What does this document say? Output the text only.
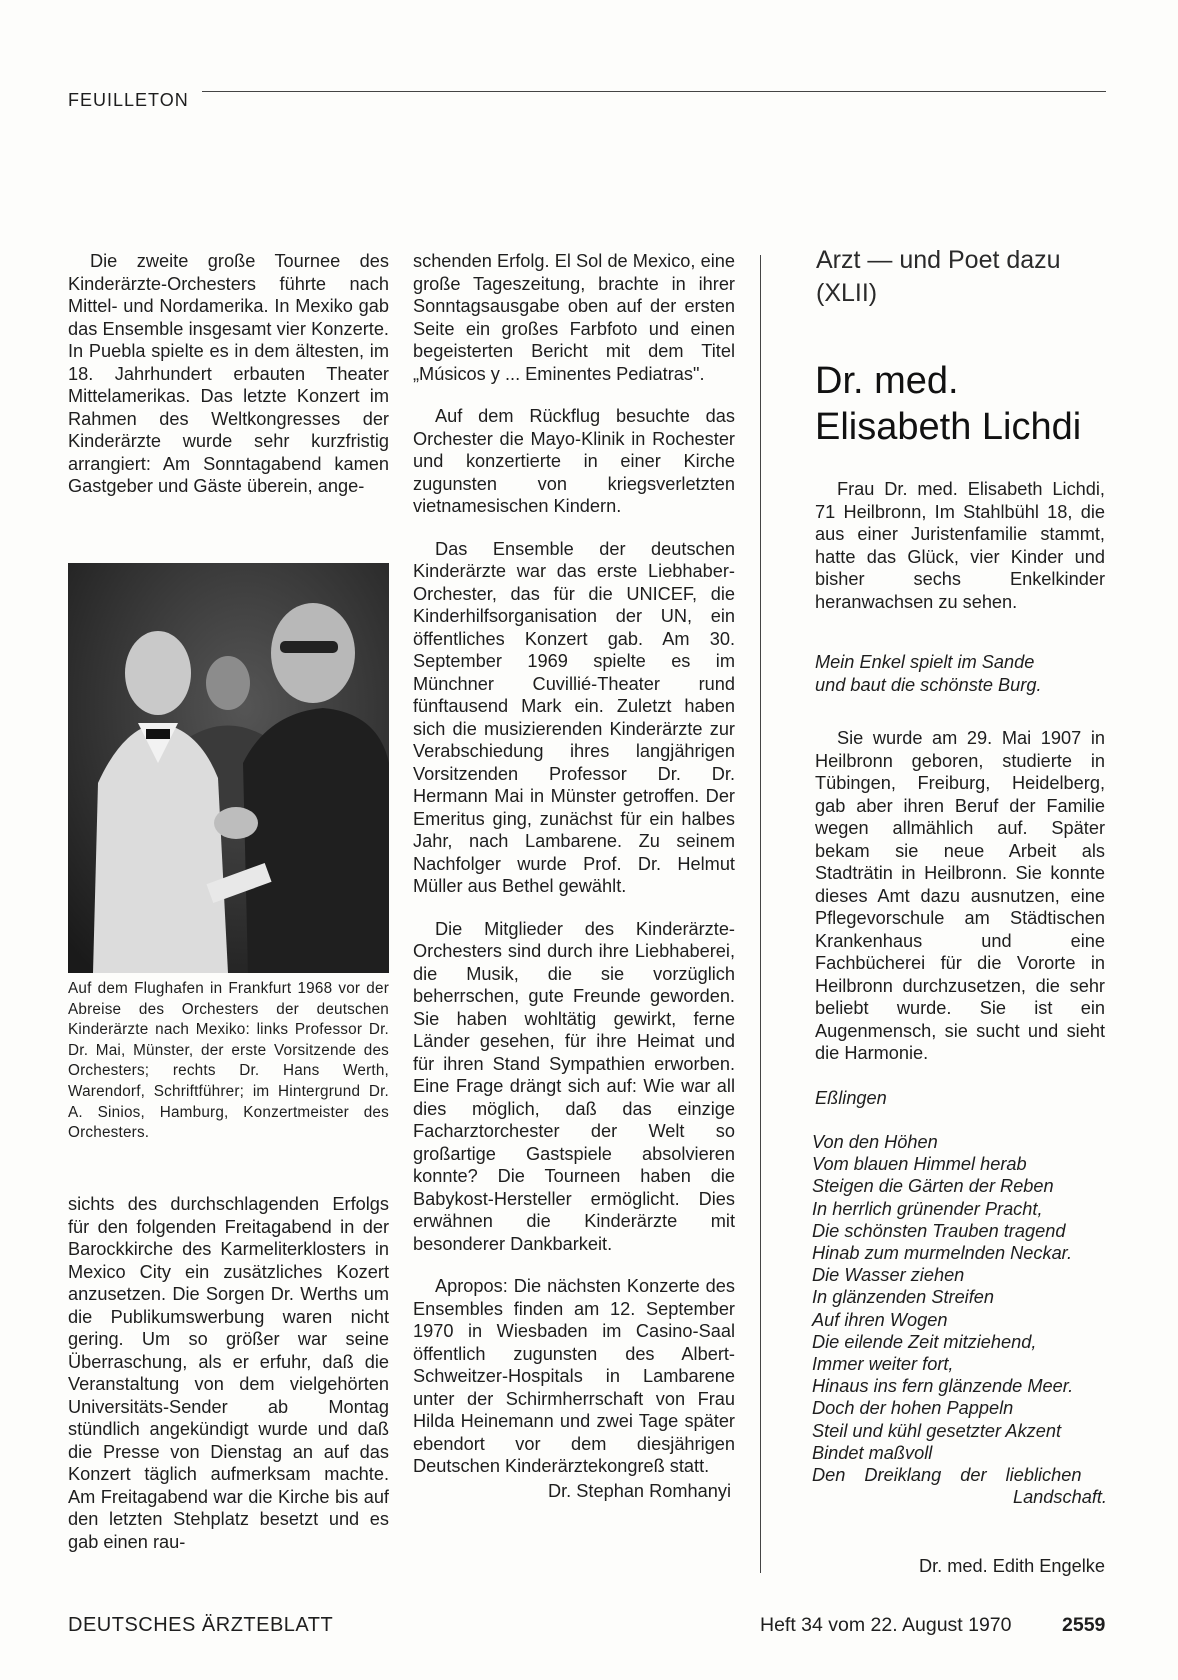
FEUILLETON

Die zweite große Tournee des Kinderärzte-Orchesters führte nach Mittel- und Nordamerika. In Mexiko gab das Ensemble insgesamt vier Konzerte. In Puebla spielte es in dem ältesten, im 18. Jahrhundert erbauten Theater Mittelamerikas. Das letzte Konzert im Rahmen des Weltkongresses der Kinderärzte wurde sehr kurzfristig arrangiert: Am Sonntagabend kamen Gastgeber und Gäste überein, ange-

Auf dem Flughafen in Frankfurt 1968 vor der Abreise des Orchesters der deutschen Kinderärzte nach Mexiko: links Professor Dr. Dr. Mai, Münster, der erste Vorsitzende des Orchesters; rechts Dr. Hans Werth, Warendorf, Schriftführer; im Hintergrund Dr. A. Sinios, Hamburg, Konzertmeister des Orchesters.

sichts des durchschlagenden Erfolgs für den folgenden Freitagabend in der Barockkirche des Karmeliterklosters in Mexico City ein zusätzliches Kozert anzusetzen. Die Sorgen Dr. Werths um die Publikumswerbung waren nicht gering. Um so größer war seine Überraschung, als er erfuhr, daß die Veranstaltung von dem vielgehörten Universitäts-Sender ab Montag stündlich angekündigt wurde und daß die Presse von Dienstag an auf das Konzert täglich aufmerksam machte. Am Freitagabend war die Kirche bis auf den letzten Stehplatz besetzt und es gab einen rau-

schenden Erfolg. El Sol de Mexico, eine große Tageszeitung, brachte in ihrer Sonntagsausgabe oben auf der ersten Seite ein großes Farbfoto und einen begeisterten Bericht mit dem Titel „Músicos y ... Eminentes Pediatras".

Auf dem Rückflug besuchte das Orchester die Mayo-Klinik in Rochester und konzertierte in einer Kirche zugunsten von kriegsverletzten vietnamesischen Kindern.

Das Ensemble der deutschen Kinderärzte war das erste Liebhaber-Orchester, das für die UNICEF, die Kinderhilfsorganisation der UN, ein öffentliches Konzert gab. Am 30. September 1969 spielte es im Münchner Cuvillié-Theater rund fünftausend Mark ein. Zuletzt haben sich die musizierenden Kinderärzte zur Verabschiedung ihres langjährigen Vorsitzenden Professor Dr. Dr. Hermann Mai in Münster getroffen. Der Emeritus ging, zunächst für ein halbes Jahr, nach Lambarene. Zu seinem Nachfolger wurde Prof. Dr. Helmut Müller aus Bethel gewählt.

Die Mitglieder des Kinderärzte-Orchesters sind durch ihre Liebhaberei, die Musik, die sie vorzüglich beherrschen, gute Freunde geworden. Sie haben wohltätig gewirkt, ferne Länder gesehen, für ihre Heimat und für ihren Stand Sympathien erworben. Eine Frage drängt sich auf: Wie war all dies möglich, daß das einzige Facharztorchester der Welt so großartige Gastspiele absolvieren konnte? Die Tourneen haben die Babykost-Hersteller ermöglicht. Dies erwähnen die Kinderärzte mit besonderer Dankbarkeit.

Apropos: Die nächsten Konzerte des Ensembles finden am 12. September 1970 in Wiesbaden im Casino-Saal öffentlich zugunsten des Albert-Schweitzer-Hospitals in Lambarene unter der Schirmherrschaft von Frau Hilda Heinemann und zwei Tage später ebendort vor dem diesjährigen Deutschen Kinderärztekongreß statt.

Dr. Stephan Romhanyi
Arzt — und Poet dazu (XLII)
Dr. med. Elisabeth Lichdi

Frau Dr. med. Elisabeth Lichdi, 71 Heilbronn, Im Stahlbühl 18, die aus einer Juristenfamilie stammt, hatte das Glück, vier Kinder und bisher sechs Enkelkinder heranwachsen zu sehen.

Mein Enkel spielt im Sande
und baut die schönste Burg.

Sie wurde am 29. Mai 1907 in Heilbronn geboren, studierte in Tübingen, Freiburg, Heidelberg, gab aber ihren Beruf der Familie wegen allmählich auf. Später bekam sie neue Arbeit als Stadträtin in Heilbronn. Sie konnte dieses Amt dazu ausnutzen, eine Pflegevorschule am Städtischen Krankenhaus und eine Fachbücherei für die Vororte in Heilbronn durchzusetzen, die sehr beliebt wurde. Sie ist ein Augenmensch, sie sucht und sieht die Harmonie.

Eßlingen
Von den Höhen
Vom blauen Himmel herab
Steigen die Gärten der Reben
In herrlich grünender Pracht,
Die schönsten Trauben tragend
Hinab zum murmelnden Neckar.
Die Wasser ziehen
In glänzenden Streifen
Auf ihren Wogen
Die eilende Zeit mitziehend,
Immer weiter fort,
Hinaus ins fern glänzende Meer.
Doch der hohen Pappeln
Steil und kühl gesetzter Akzent
Bindet maßvoll
Den Dreiklang der lieblichen
Landschaft.
Dr. med. Edith Engelke
DEUTSCHES ÄRZTEBLATT	Heft 34 vom 22. August 1970	2559
